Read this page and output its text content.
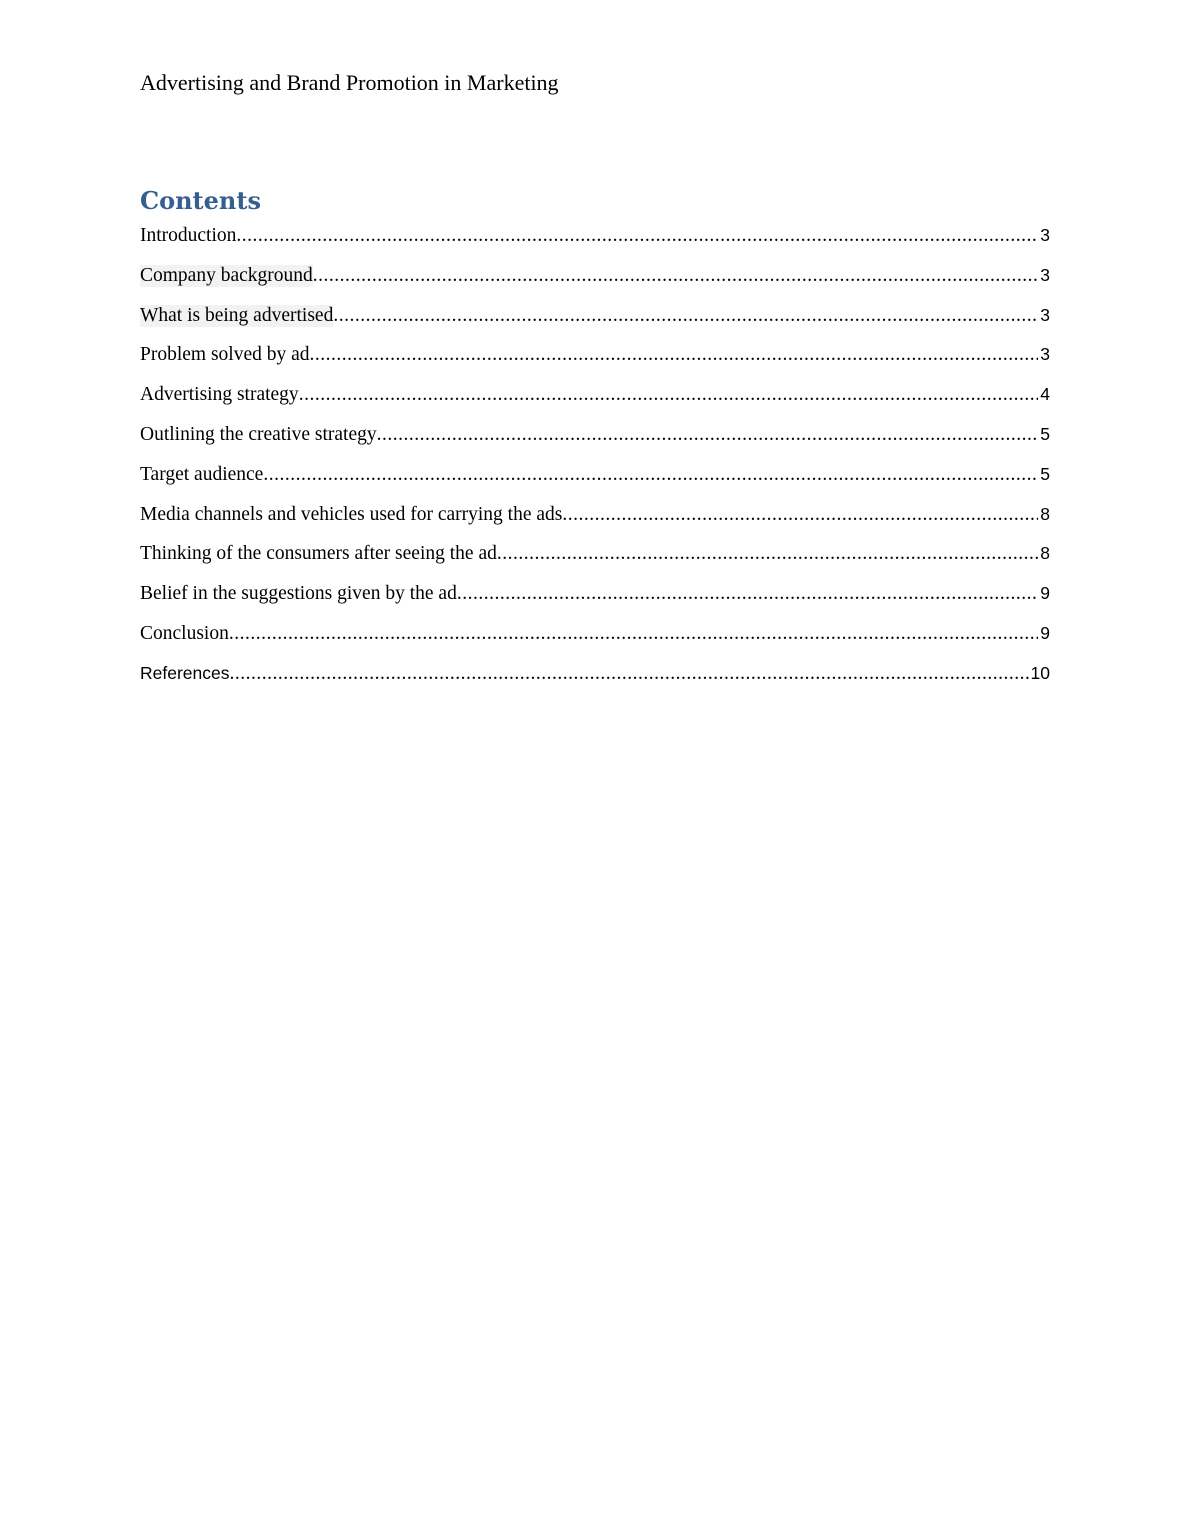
Advertising and Brand Promotion in Marketing
Contents
Introduction .....	3
Company background .....	3
What is being advertised .....	3
Problem solved by ad .....	3
Advertising strategy .....	4
Outlining the creative strategy .....	5
Target audience .....	5
Media channels and vehicles used for carrying the ads .....	8
Thinking of the consumers after seeing the ad .....	8
Belief in the suggestions given by the ad .....	9
Conclusion .....	9
References .....	10
